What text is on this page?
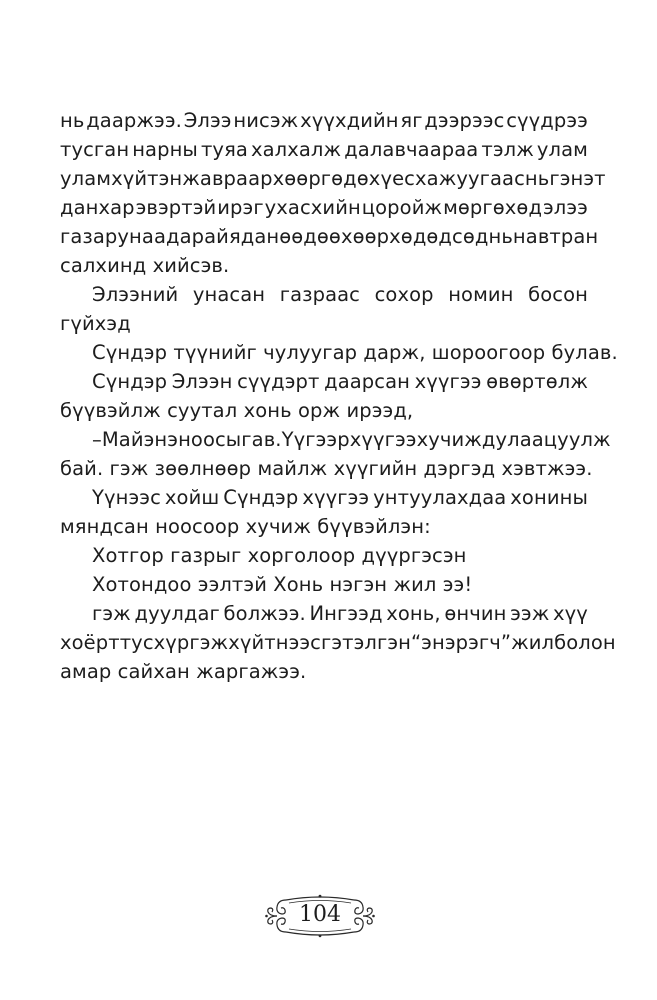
нь дааржээ. Элээ нисэж хүүхдийн яг дээрээс сүүдрээ
тусган нарны туяа халхалж далавчаараа тэлж улам
улам хүйтэн жавраар хөөргөдөх үес хажуугаас нь гэнэт
данхар эвэртэй ирэг ухасхийн цоройж мөргөхөд элээ
газар унаад арай ядан өөдөө хөөрхөд өд сөд нь навтран
салхинд хийсэв.
Элээний унасан газраас сохор номин босон
гүйхэд
Сүндэр түүнийг чулуугар дарж, шороогоор булав.
Сүндэр Элээн сүүдэрт даарсан хүүгээ өвөртөлж
бүүвэйлж суутал хонь орж ирээд,
– Май энэ ноосыг ав. Үүгээр хүүгээ хучиж дулаацуулж
бай. гэж зөөлнөөр майлж хүүгийн дэргэд хэвтжээ.
Үүнээс хойш Сүндэр хүүгээ унтуулахдаа хонины
мяндсан ноосоор хучиж бүүвэйлэн:
Хотгор газрыг хорголоор дүүргэсэн
Хотондоо ээлтэй Хонь нэгэн жил ээ!
гэж дуулдаг болжээ. Ингээд хонь, өнчин ээж хүү
хоёрт тус хүргэж хүйтнээс гэтэлгэн “энэрэгч” жил болон
амар сайхан жаргажээ.
104
